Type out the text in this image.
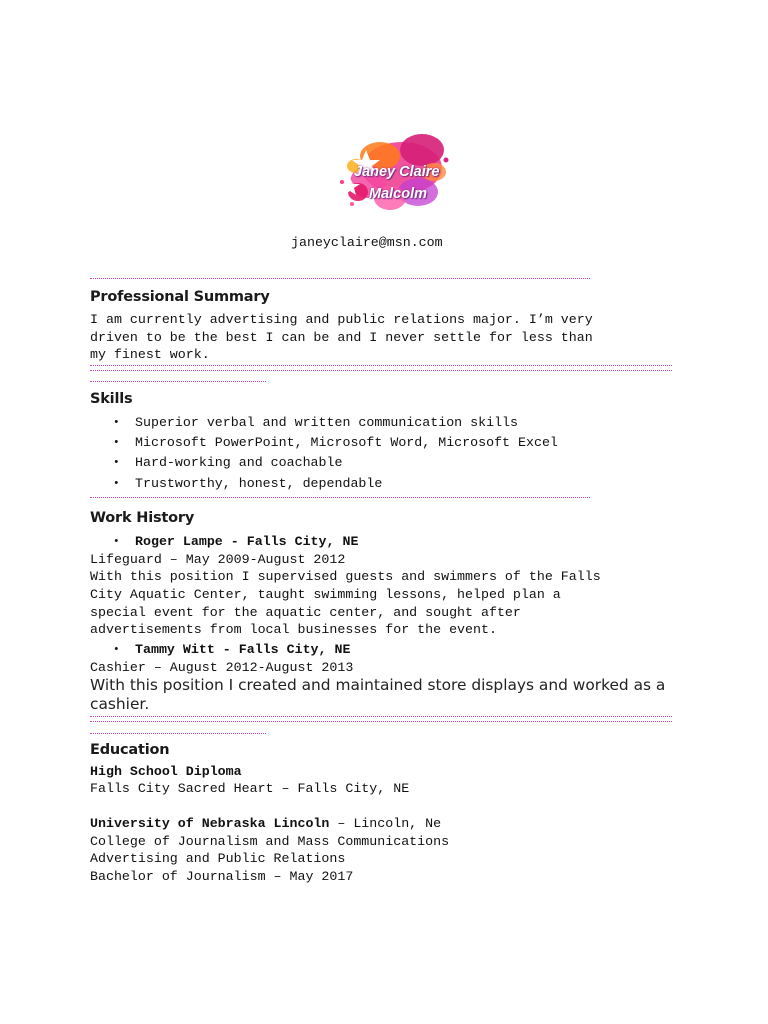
Janey Claire
Malcolm
janeyclaire@msn.com
Professional Summary
I am currently advertising and public relations major. I’m very
driven to be the best I can be and I never settle for less than
my finest work.
Skills
• Superior verbal and written communication skills
• Microsoft PowerPoint, Microsoft Word, Microsoft Excel
• Hard-working and coachable
• Trustworthy, honest, dependable
Work History
• Roger Lampe - Falls City, NE
Lifeguard – May 2009-August 2012
With this position I supervised guests and swimmers of the Falls
City Aquatic Center, taught swimming lessons, helped plan a
special event for the aquatic center, and sought after
advertisements from local businesses for the event.
• Tammy Witt - Falls City, NE
Cashier – August 2012-August 2013
With this position I created and maintained store displays and worked as a
cashier.
Education
High School Diploma
Falls City Sacred Heart – Falls City, NE
University of Nebraska Lincoln – Lincoln, Ne
College of Journalism and Mass Communications
Advertising and Public Relations
Bachelor of Journalism – May 2017
